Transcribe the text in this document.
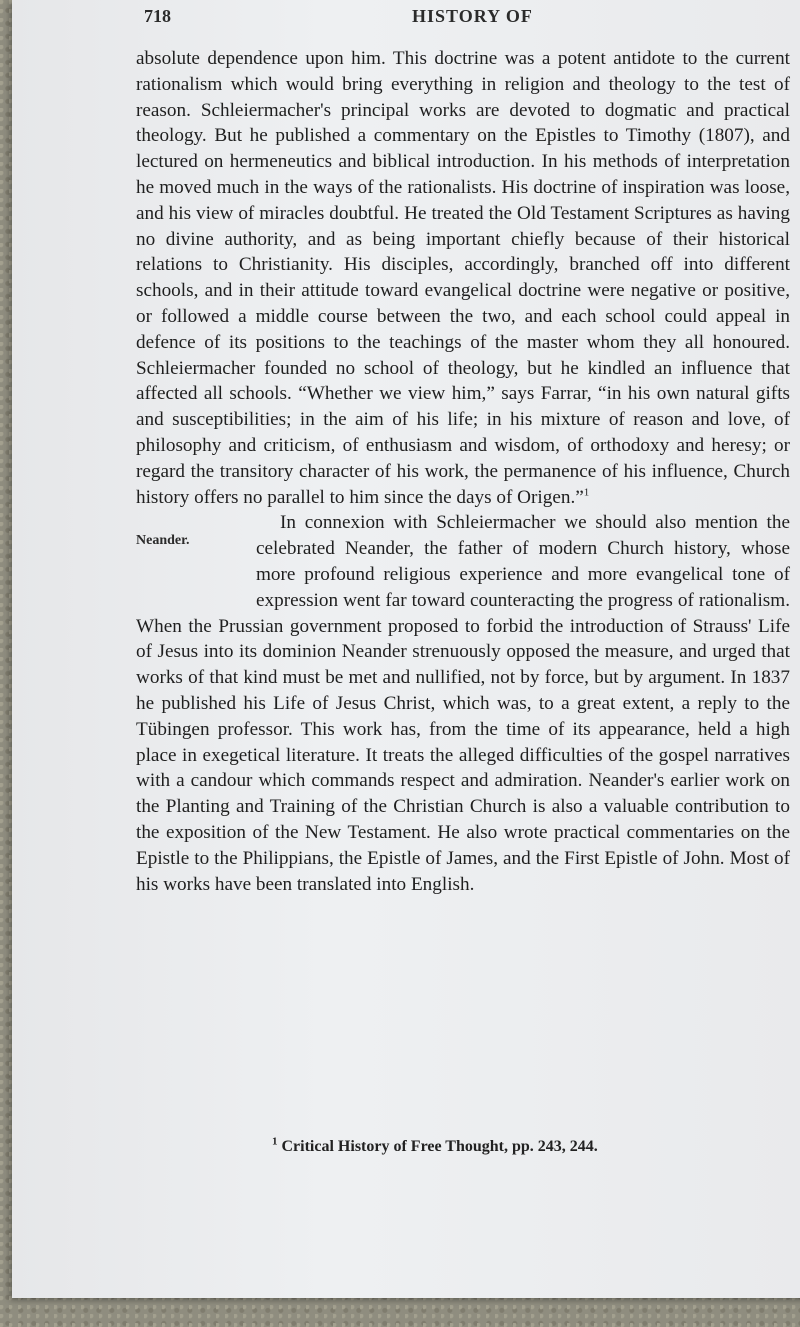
718	HISTORY OF

absolute dependence upon him. This doctrine was a potent antidote to the current rationalism which would bring everything in religion and theology to the test of reason. Schleiermacher's principal works are devoted to dogmatic and practical theology. But he published a commentary on the Epistles to Timothy (1807), and lectured on hermeneutics and biblical introduction. In his methods of interpretation he moved much in the ways of the rationalists. His doctrine of inspiration was loose, and his view of miracles doubtful. He treated the Old Testament Scriptures as having no divine authority, and as being important chiefly because of their historical relations to Christianity. His disciples, accordingly, branched off into different schools, and in their attitude toward evangelical doctrine were negative or positive, or followed a middle course between the two, and each school could appeal in defence of its positions to the teachings of the master whom they all honoured. Schleiermacher founded no school of theology, but he kindled an influence that affected all schools. “Whether we view him,” says Farrar, “in his own natural gifts and susceptibilities; in the aim of his life; in his mixture of reason and love, of philosophy and criticism, of enthusiasm and wisdom, of orthodoxy and heresy; or regard the transitory character of his work, the permanence of his influence, Church history offers no parallel to him since the days of Origen.”$^1$

Neander.
In connexion with Schleiermacher we should also mention the celebrated Neander, the father of modern Church history, whose more profound religious experience and more evangelical tone of expression went far toward counteracting the progress of rationalism. When the Prussian government proposed to forbid the introduction of Strauss' Life of Jesus into its dominion Neander strenuously opposed the measure, and urged that works of that kind must be met and nullified, not by force, but by argument. In 1837 he published his Life of Jesus Christ, which was, to a great extent, a reply to the Tübingen professor. This work has, from the time of its appearance, held a high place in exegetical literature. It treats the alleged difficulties of the gospel narratives with a candour which commands respect and admiration. Neander's earlier work on the Planting and Training of the Christian Church is also a valuable contribution to the exposition of the New Testament. He also wrote practical commentaries on the Epistle to the Philippians, the Epistle of James, and the First Epistle of John. Most of his works have been translated into English.

$^1$ Critical History of Free Thought, pp. 243, 244.
